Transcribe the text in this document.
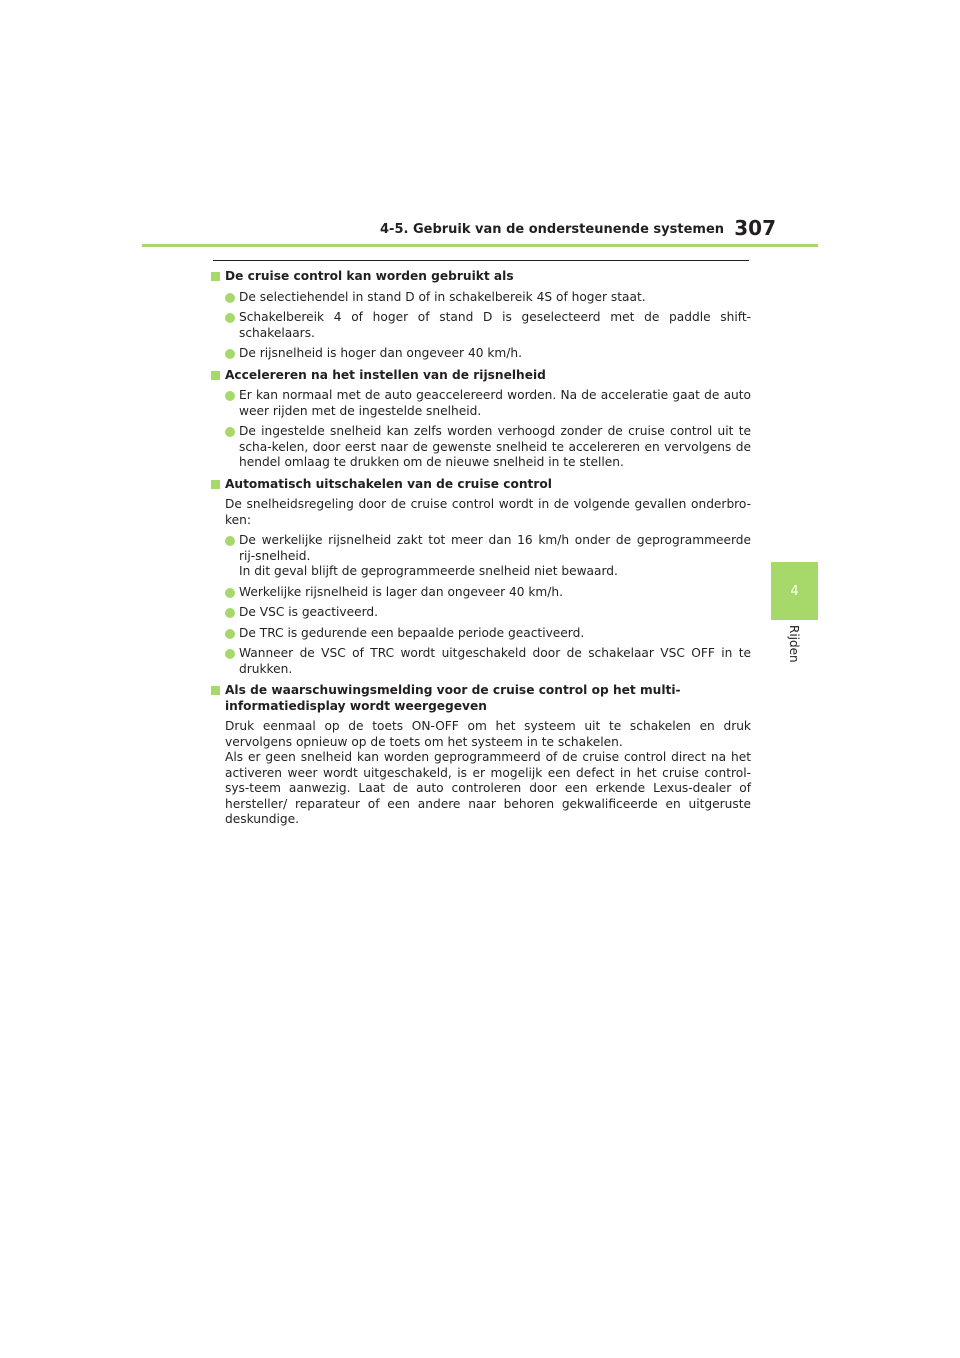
4-5. Gebruik van de ondersteunende systemen 307
4
Rijden
De cruise control kan worden gebruikt als
De selectiehendel in stand D of in schakelbereik 4S of hoger staat.
Schakelbereik 4 of hoger of stand D is geselecteerd met de paddle shift-schakelaars.
De rijsnelheid is hoger dan ongeveer 40 km/h.
Accelereren na het instellen van de rijsnelheid
Er kan normaal met de auto geaccelereerd worden. Na de acceleratie gaat de auto weer rijden met de ingestelde snelheid.
De ingestelde snelheid kan zelfs worden verhoogd zonder de cruise control uit te scha-kelen, door eerst naar de gewenste snelheid te accelereren en vervolgens de hendel omlaag te drukken om de nieuwe snelheid in te stellen.
Automatisch uitschakelen van de cruise control
De snelheidsregeling door de cruise control wordt in de volgende gevallen onderbro-ken:
De werkelijke rijsnelheid zakt tot meer dan 16 km/h onder de geprogrammeerde rij-snelheid.
In dit geval blijft de geprogrammeerde snelheid niet bewaard.
Werkelijke rijsnelheid is lager dan ongeveer 40 km/h.
De VSC is geactiveerd.
De TRC is gedurende een bepaalde periode geactiveerd.
Wanneer de VSC of TRC wordt uitgeschakeld door de schakelaar VSC OFF in te drukken.
Als de waarschuwingsmelding voor de cruise control op het multi-informatiedisplay wordt weergegeven
Druk eenmaal op de toets ON-OFF om het systeem uit te schakelen en druk vervolgens opnieuw op de toets om het systeem in te schakelen.
Als er geen snelheid kan worden geprogrammeerd of de cruise control direct na het activeren weer wordt uitgeschakeld, is er mogelijk een defect in het cruise control-sys-teem aanwezig. Laat de auto controleren door een erkende Lexus-dealer of hersteller/ reparateur of een andere naar behoren gekwalificeerde en uitgeruste deskundige.
